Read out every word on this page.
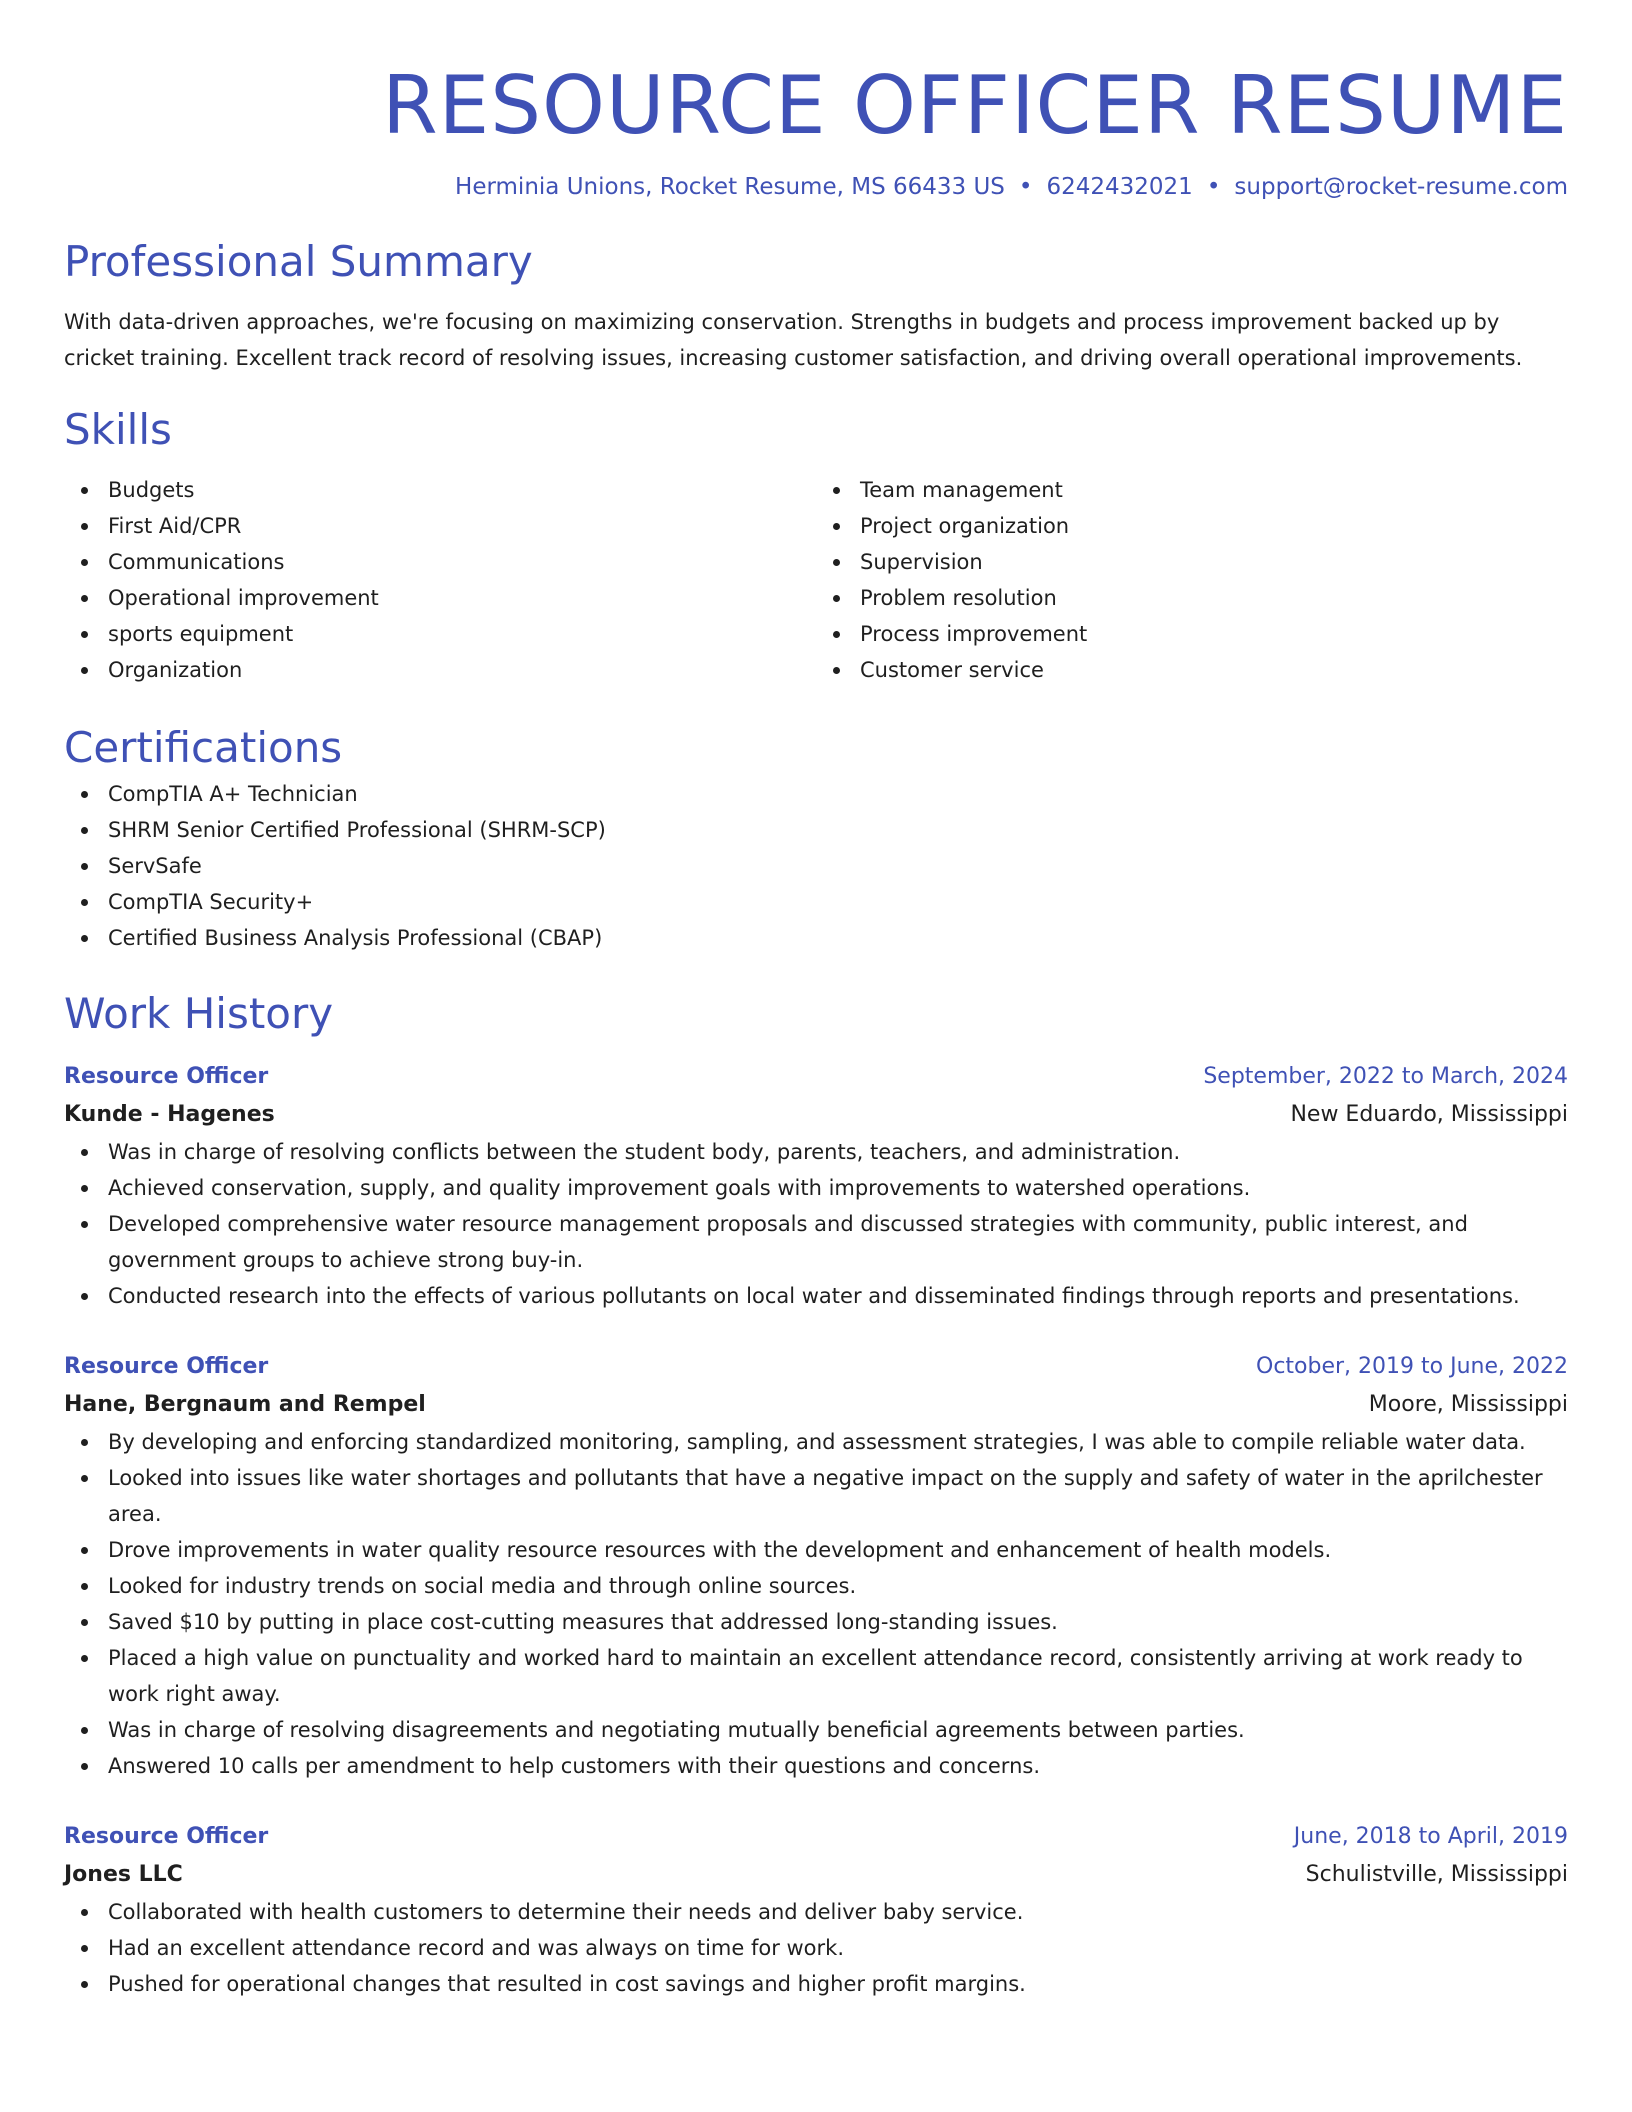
RESOURCE OFFICER RESUME
Herminia Unions, Rocket Resume, MS 66433 US • 6242432021 • support@rocket-resume.com
Professional Summary
With data-driven approaches, we're focusing on maximizing conservation. Strengths in budgets and process improvement backed up by cricket training. Excellent track record of resolving issues, increasing customer satisfaction, and driving overall operational improvements.
Skills
Budgets
First Aid/CPR
Communications
Operational improvement
sports equipment
Organization
Team management
Project organization
Supervision
Problem resolution
Process improvement
Customer service
Certifications
CompTIA A+ Technician
SHRM Senior Certified Professional (SHRM-SCP)
ServSafe
CompTIA Security+
Certified Business Analysis Professional (CBAP)
Work History
Resource Officer	September, 2022 to March, 2024
Kunde - Hagenes	New Eduardo, Mississippi
Was in charge of resolving conflicts between the student body, parents, teachers, and administration.
Achieved conservation, supply, and quality improvement goals with improvements to watershed operations.
Developed comprehensive water resource management proposals and discussed strategies with community, public interest, and government groups to achieve strong buy-in.
Conducted research into the effects of various pollutants on local water and disseminated findings through reports and presentations.
Resource Officer	October, 2019 to June, 2022
Hane, Bergnaum and Rempel	Moore, Mississippi
By developing and enforcing standardized monitoring, sampling, and assessment strategies, I was able to compile reliable water data.
Looked into issues like water shortages and pollutants that have a negative impact on the supply and safety of water in the aprilchester area.
Drove improvements in water quality resource resources with the development and enhancement of health models.
Looked for industry trends on social media and through online sources.
Saved $10 by putting in place cost-cutting measures that addressed long-standing issues.
Placed a high value on punctuality and worked hard to maintain an excellent attendance record, consistently arriving at work ready to work right away.
Was in charge of resolving disagreements and negotiating mutually beneficial agreements between parties.
Answered 10 calls per amendment to help customers with their questions and concerns.
Resource Officer	June, 2018 to April, 2019
Jones LLC	Schulistville, Mississippi
Collaborated with health customers to determine their needs and deliver baby service.
Had an excellent attendance record and was always on time for work.
Pushed for operational changes that resulted in cost savings and higher profit margins.
